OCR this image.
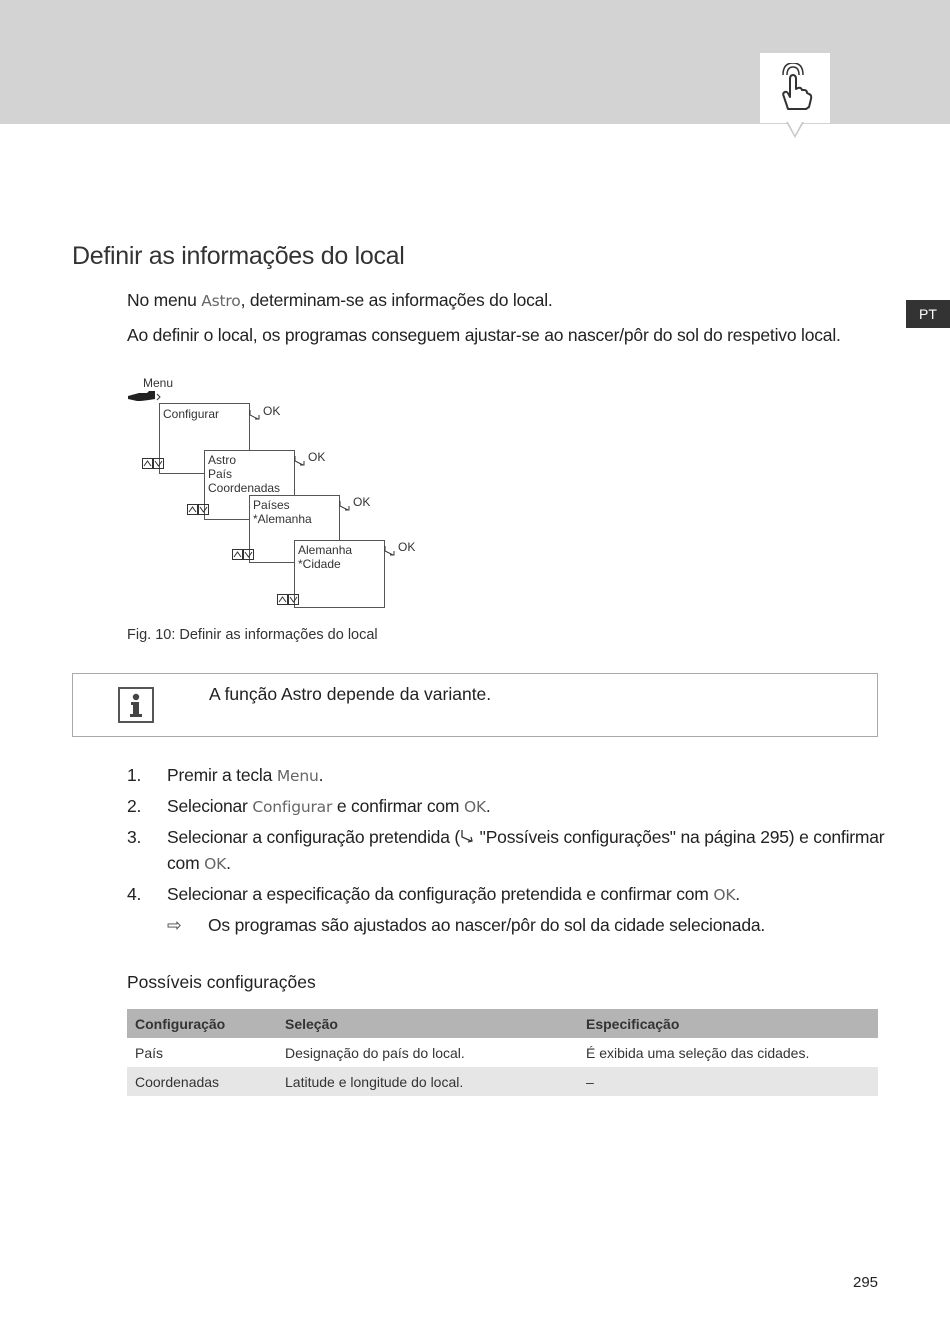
PT
Definir as informações do local

No menu Astro, determinam-se as informações do local.

Ao definir o local, os programas conseguem ajustar-se ao nascer/pôr do sol do respetivo local.

Menu
Configurar
Astro
País
Coordenadas
Países
*Alemanha
Alemanha
*Cidade
OK
OK
OK
OK

Fig. 10: Definir as informações do local

A função Astro depende da variante.

1. Premir a tecla Menu.
2. Selecionar Configurar e confirmar com OK.
3. Selecionar a configuração pretendida ( "Possíveis configurações" na página 295) e confirmar com OK.
4. Selecionar a especificação da configuração pretendida e confirmar com OK.
⇨ Os programas são ajustados ao nascer/pôr do sol da cidade selecionada.
Possíveis configurações
Configuração	Seleção	Especificação
País	Designação do país do local.	É exibida uma seleção das cidades.
Coordenadas	Latitude e longitude do local.	–
295
